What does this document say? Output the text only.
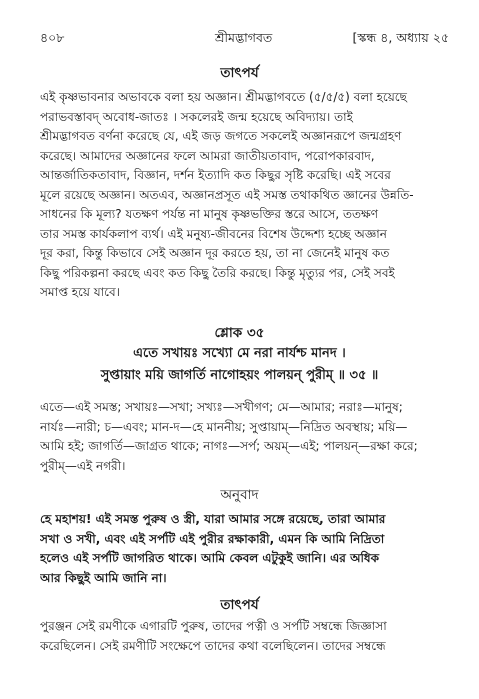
৪০৮	শ্রীমদ্ভাগবত	[স্কন্ধ ৪, অধ্যায় ২৫
তাৎপর্য
এই কৃষ্ণভাবনার অভাবকে বলা হয় অজ্ঞান। শ্রীমদ্ভাগবতে (৫/৫/৫) বলা হয়েছে
পরাভবস্তাবদ্ অবোধ-জাতঃ । সকলেরই জন্ম হয়েছে অবিদ্যায়। তাই
শ্রীমদ্ভাগবত বর্ণনা করেছে যে, এই জড় জগতে সকলেই অজ্ঞানরূপে জন্মগ্রহণ
করেছে। আমাদের অজ্ঞানের ফলে আমরা জাতীয়তাবাদ, পরোপকারবাদ,
আন্তর্জাতিকতাবাদ, বিজ্ঞান, দর্শন ইত্যাদি কত কিছুর সৃষ্টি করেছি। এই সবের
মূলে রয়েছে অজ্ঞান। অতএব, অজ্ঞানপ্রসূত এই সমস্ত তথাকথিত জ্ঞানের উন্নতি-
সাধনের কি মূল্য? যতক্ষণ পর্যন্ত না মানুষ কৃষ্ণভক্তির স্তরে আসে, ততক্ষণ
তার সমস্ত কার্যকলাপ ব্যর্থ। এই মনুষ্য-জীবনের বিশেষ উদ্দেশ্য হচ্ছে অজ্ঞান
দূর করা, কিন্তু কিভাবে সেই অজ্ঞান দূর করতে হয়, তা না জেনেই মানুষ কত
কিছু পরিকল্পনা করছে এবং কত কিছু তৈরি করছে। কিন্তু মৃত্যুর পর, সেই সবই
সমাপ্ত হয়ে যাবে।
শ্লোক ৩৫
এতে সখায়ঃ সখ্যো মে নরা নার্যশ্চ মানদ ।
সুপ্তায়াং ময়ি জাগর্তি নাগোহয়ং পালয়ন্ পুরীম্ ॥ ৩৫ ॥
এতে—এই সমস্ত; সখায়ঃ—সখা; সখ্যঃ—সখীগণ; মে—আমার; নরাঃ—মানুষ;
নার্যঃ—নারী; চ—এবং; মান-দ—হে মাননীয়; সুপ্তায়াম্—নিদ্রিত অবস্থায়; ময়ি—
আমি হই; জাগর্তি—জাগ্রত থাকে; নাগঃ—সর্প; অয়ম্—এই; পালয়ন্—রক্ষা করে;
পুরীম্—এই নগরী।
অনুবাদ
হে মহাশয়! এই সমস্ত পুরুষ ও স্ত্রী, যারা আমার সঙ্গে রয়েছে, তারা আমার
সখা ও সখী, এবং এই সর্পটি এই পুরীর রক্ষাকারী, এমন কি আমি নিদ্রিতা
হলেও এই সর্পটি জাগরিত থাকে। আমি কেবল এটুকুই জানি। এর অধিক
আর কিছুই আমি জানি না।
তাৎপর্য
পুরঞ্জন সেই রমণীকে এগারটি পুরুষ, তাদের পত্নী ও সর্পটি সম্বন্ধে জিজ্ঞাসা
করেছিলেন। সেই রমণীটি সংক্ষেপে তাদের কথা বলেছিলেন। তাদের সম্বন্ধে
